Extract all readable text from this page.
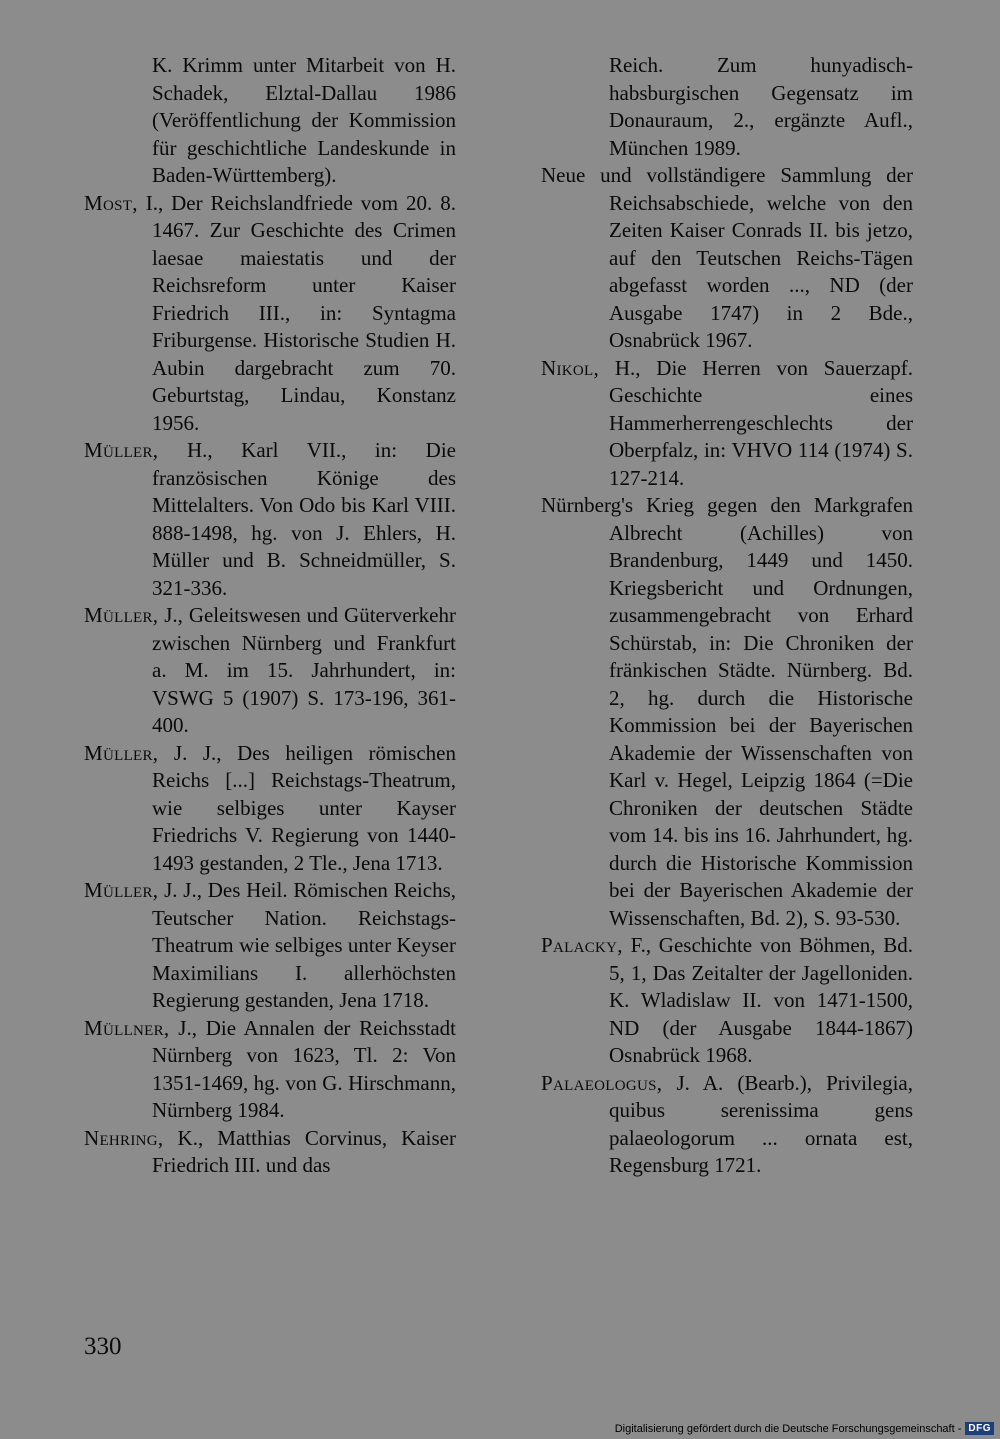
K. Krimm unter Mitarbeit von H. Schadek, Elztal-Dallau 1986 (Veröffentlichung der Kommission für geschichtliche Landeskunde in Baden-Württemberg).

Most, I., Der Reichslandfriede vom 20. 8. 1467. Zur Geschichte des Crimen laesae maiestatis und der Reichsreform unter Kaiser Friedrich III., in: Syntagma Friburgense. Historische Studien H. Aubin dargebracht zum 70. Geburtstag, Lindau, Konstanz 1956.

Müller, H., Karl VII., in: Die französischen Könige des Mittelalters. Von Odo bis Karl VIII. 888-1498, hg. von J. Ehlers, H. Müller und B. Schneidmüller, S. 321-336.

Müller, J., Geleitswesen und Güterverkehr zwischen Nürnberg und Frankfurt a. M. im 15. Jahrhundert, in: VSWG 5 (1907) S. 173-196, 361-400.

Müller, J. J., Des heiligen römischen Reichs [...] Reichstags-Theatrum, wie selbiges unter Kayser Friedrichs V. Regierung von 1440-1493 gestanden, 2 Tle., Jena 1713.

Müller, J. J., Des Heil. Römischen Reichs, Teutscher Nation. Reichstags-Theatrum wie selbiges unter Keyser Maximilians I. allerhöchsten Regierung gestanden, Jena 1718.

Müllner, J., Die Annalen der Reichsstadt Nürnberg von 1623, Tl. 2: Von 1351-1469, hg. von G. Hirschmann, Nürnberg 1984.

Nehring, K., Matthias Corvinus, Kaiser Friedrich III. und das

Reich. Zum hunyadisch-habsburgischen Gegensatz im Donauraum, 2., ergänzte Aufl., München 1989.

Neue und vollständigere Sammlung der Reichsabschiede, welche von den Zeiten Kaiser Conrads II. bis jetzo, auf den Teutschen Reichs-Tägen abgefasst worden ..., ND (der Ausgabe 1747) in 2 Bde., Osnabrück 1967.

Nikol, H., Die Herren von Sauerzapf. Geschichte eines Hammerherrengeschlechts der Oberpfalz, in: VHVO 114 (1974) S. 127-214.

Nürnberg's Krieg gegen den Markgrafen Albrecht (Achilles) von Brandenburg, 1449 und 1450. Kriegsbericht und Ordnungen, zusammengebracht von Erhard Schürstab, in: Die Chroniken der fränkischen Städte. Nürnberg. Bd. 2, hg. durch die Historische Kommission bei der Bayerischen Akademie der Wissenschaften von Karl v. Hegel, Leipzig 1864 (=Die Chroniken der deutschen Städte vom 14. bis ins 16. Jahrhundert, hg. durch die Historische Kommission bei der Bayerischen Akademie der Wissenschaften, Bd. 2), S. 93-530.

Palacky, F., Geschichte von Böhmen, Bd. 5, 1, Das Zeitalter der Jagelloniden. K. Wladislaw II. von 1471-1500, ND (der Ausgabe 1844-1867) Osnabrück 1968.

Palaeologus, J. A. (Bearb.), Privilegia, quibus serenissima gens palaeologorum ... ornata est, Regensburg 1721.

330
Digitalisierung gefördert durch die Deutsche Forschungsgemeinschaft - DFG
